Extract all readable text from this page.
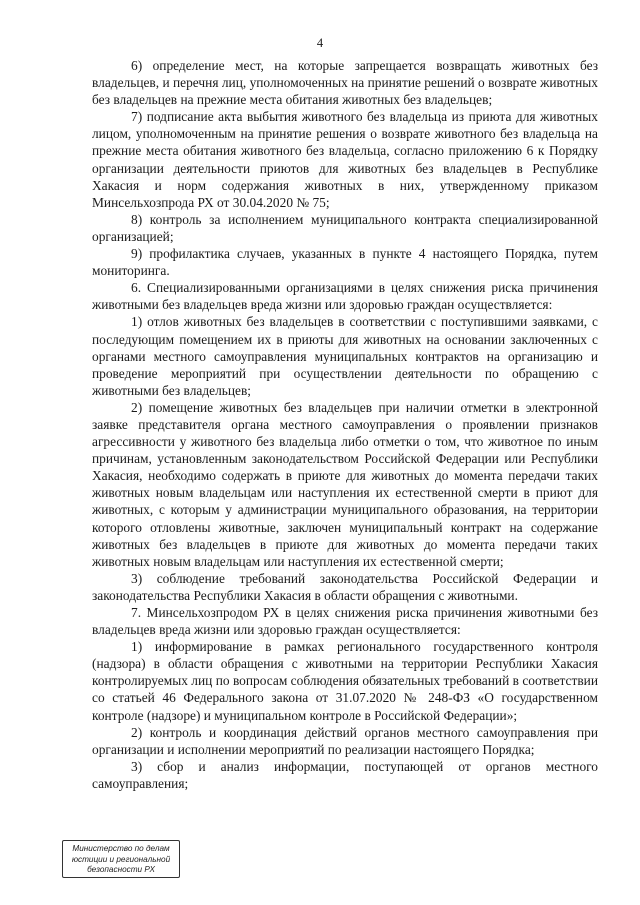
4

6) определение мест, на которые запрещается возвращать животных без владельцев, и перечня лиц, уполномоченных на принятие решений о возврате животных без владельцев на прежние места обитания животных без владельцев;

7) подписание акта выбытия животного без владельца из приюта для животных лицом, уполномоченным на принятие решения о возврате животного без владельца на прежние места обитания животного без владельца, согласно приложению 6 к Порядку организации деятельности приютов для животных без владельцев в Республике Хакасия и норм содержания животных в них, утвержденному приказом Минсельхозпрода РХ от 30.04.2020 № 75;

8) контроль за исполнением муниципального контракта специализированной организацией;

9) профилактика случаев, указанных в пункте 4 настоящего Порядка, путем мониторинга.

6. Специализированными организациями в целях снижения риска причинения животными без владельцев вреда жизни или здоровью граждан осуществляется:

1) отлов животных без владельцев в соответствии с поступившими заявками, с последующим помещением их в приюты для животных на основании заключенных с органами местного самоуправления муниципальных контрактов на организацию и проведение мероприятий при осуществлении деятельности по обращению с животными без владельцев;

2) помещение животных без владельцев при наличии отметки в электронной заявке представителя органа местного самоуправления о проявлении признаков агрессивности у животного без владельца либо отметки о том, что животное по иным причинам, установленным законодательством Российской Федерации или Республики Хакасия, необходимо содержать в приюте для животных до момента передачи таких животных новым владельцам или наступления их естественной смерти в приют для животных, с которым у администрации муниципального образования, на территории которого отловлены животные, заключен муниципальный контракт на содержание животных без владельцев в приюте для животных до момента передачи таких животных новым владельцам или наступления их естественной смерти;

3) соблюдение требований законодательства Российской Федерации и законодательства Республики Хакасия в области обращения с животными.

7. Минсельхозпродом РХ в целях снижения риска причинения животными без владельцев вреда жизни или здоровью граждан осуществляется:

1) информирование в рамках регионального государственного контроля (надзора) в области обращения с животными на территории Республики Хакасия контролируемых лиц по вопросам соблюдения обязательных требований в соответствии со статьей 46 Федерального закона от 31.07.2020 № 248-ФЗ «О государственном контроле (надзоре) и муниципальном контроле в Российской Федерации»;

2) контроль и координация действий органов местного самоуправления при организации и исполнении мероприятий по реализации настоящего Порядка;

3) сбор и анализ информации, поступающей от органов местного самоуправления;

Министерство по делам
юстиции и региональной
безопасности РХ
